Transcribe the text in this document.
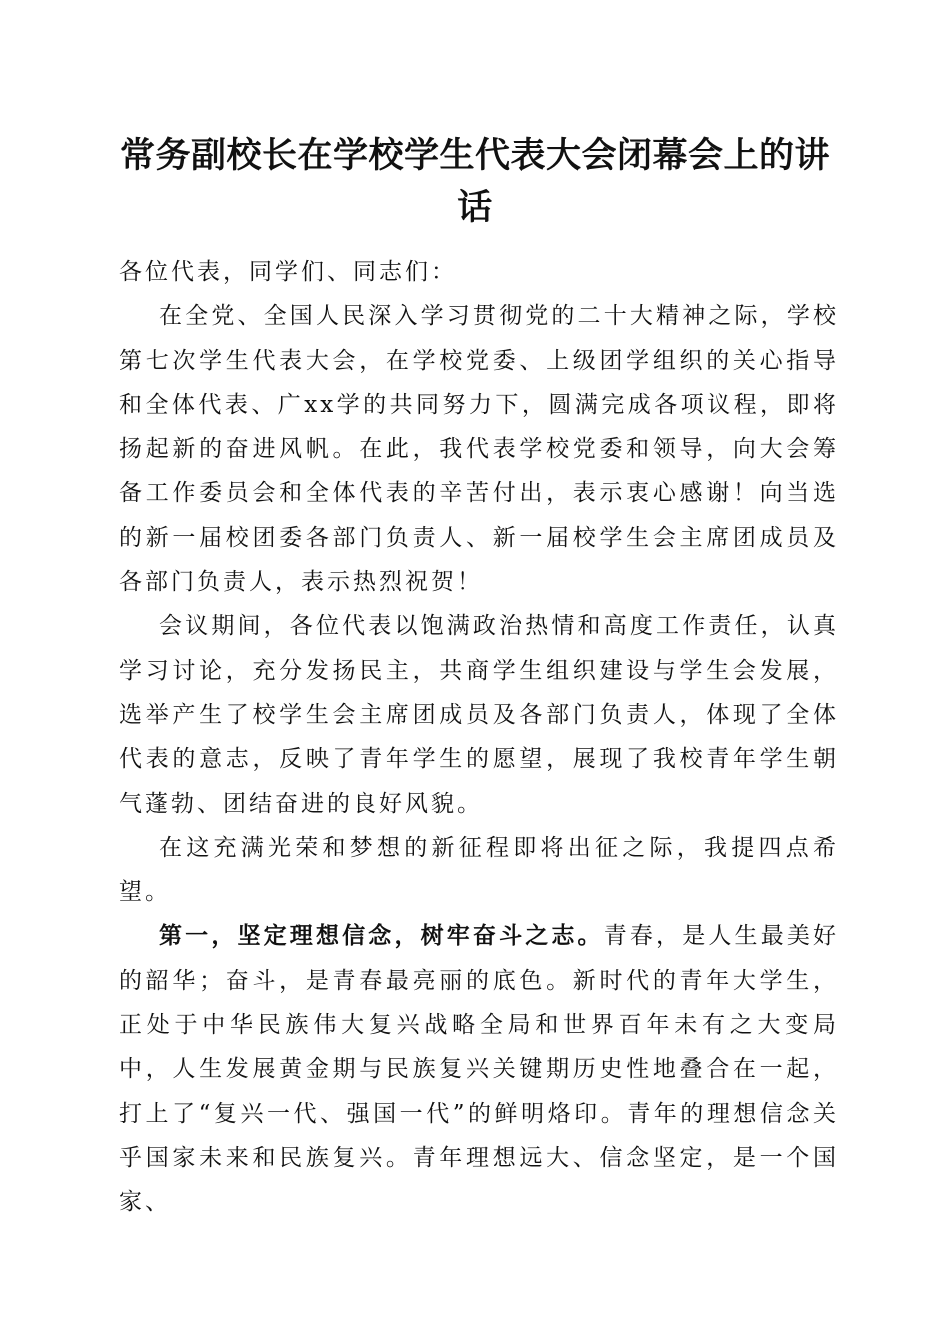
常务副校长在学校学生代表大会闭幕会上的讲话

各位代表，同学们、同志们：

在全党、全国人民深入学习贯彻党的二十大精神之际，学校第七次学生代表大会，在学校党委、上级团学组织的关心指导和全体代表、广xx学的共同努力下，圆满完成各项议程，即将扬起新的奋进风帆。在此，我代表学校党委和领导，向大会筹备工作委员会和全体代表的辛苦付出，表示衷心感谢！向当选的新一届校团委各部门负责人、新一届校学生会主席团成员及各部门负责人，表示热烈祝贺！

会议期间，各位代表以饱满政治热情和高度工作责任，认真学习讨论，充分发扬民主，共商学生组织建设与学生会发展，选举产生了校学生会主席团成员及各部门负责人，体现了全体代表的意志，反映了青年学生的愿望，展现了我校青年学生朝气蓬勃、团结奋进的良好风貌。

在这充满光荣和梦想的新征程即将出征之际，我提四点希望。

第一，坚定理想信念，树牢奋斗之志。青春，是人生最美好的韶华；奋斗，是青春最亮丽的底色。新时代的青年大学生，正处于中华民族伟大复兴战略全局和世界百年未有之大变局中，人生发展黄金期与民族复兴关键期历史性地叠合在一起，打上了“复兴一代、强国一代”的鲜明烙印。青年的理想信念关乎国家未来和民族复兴。青年理想远大、信念坚定，是一个国家、
